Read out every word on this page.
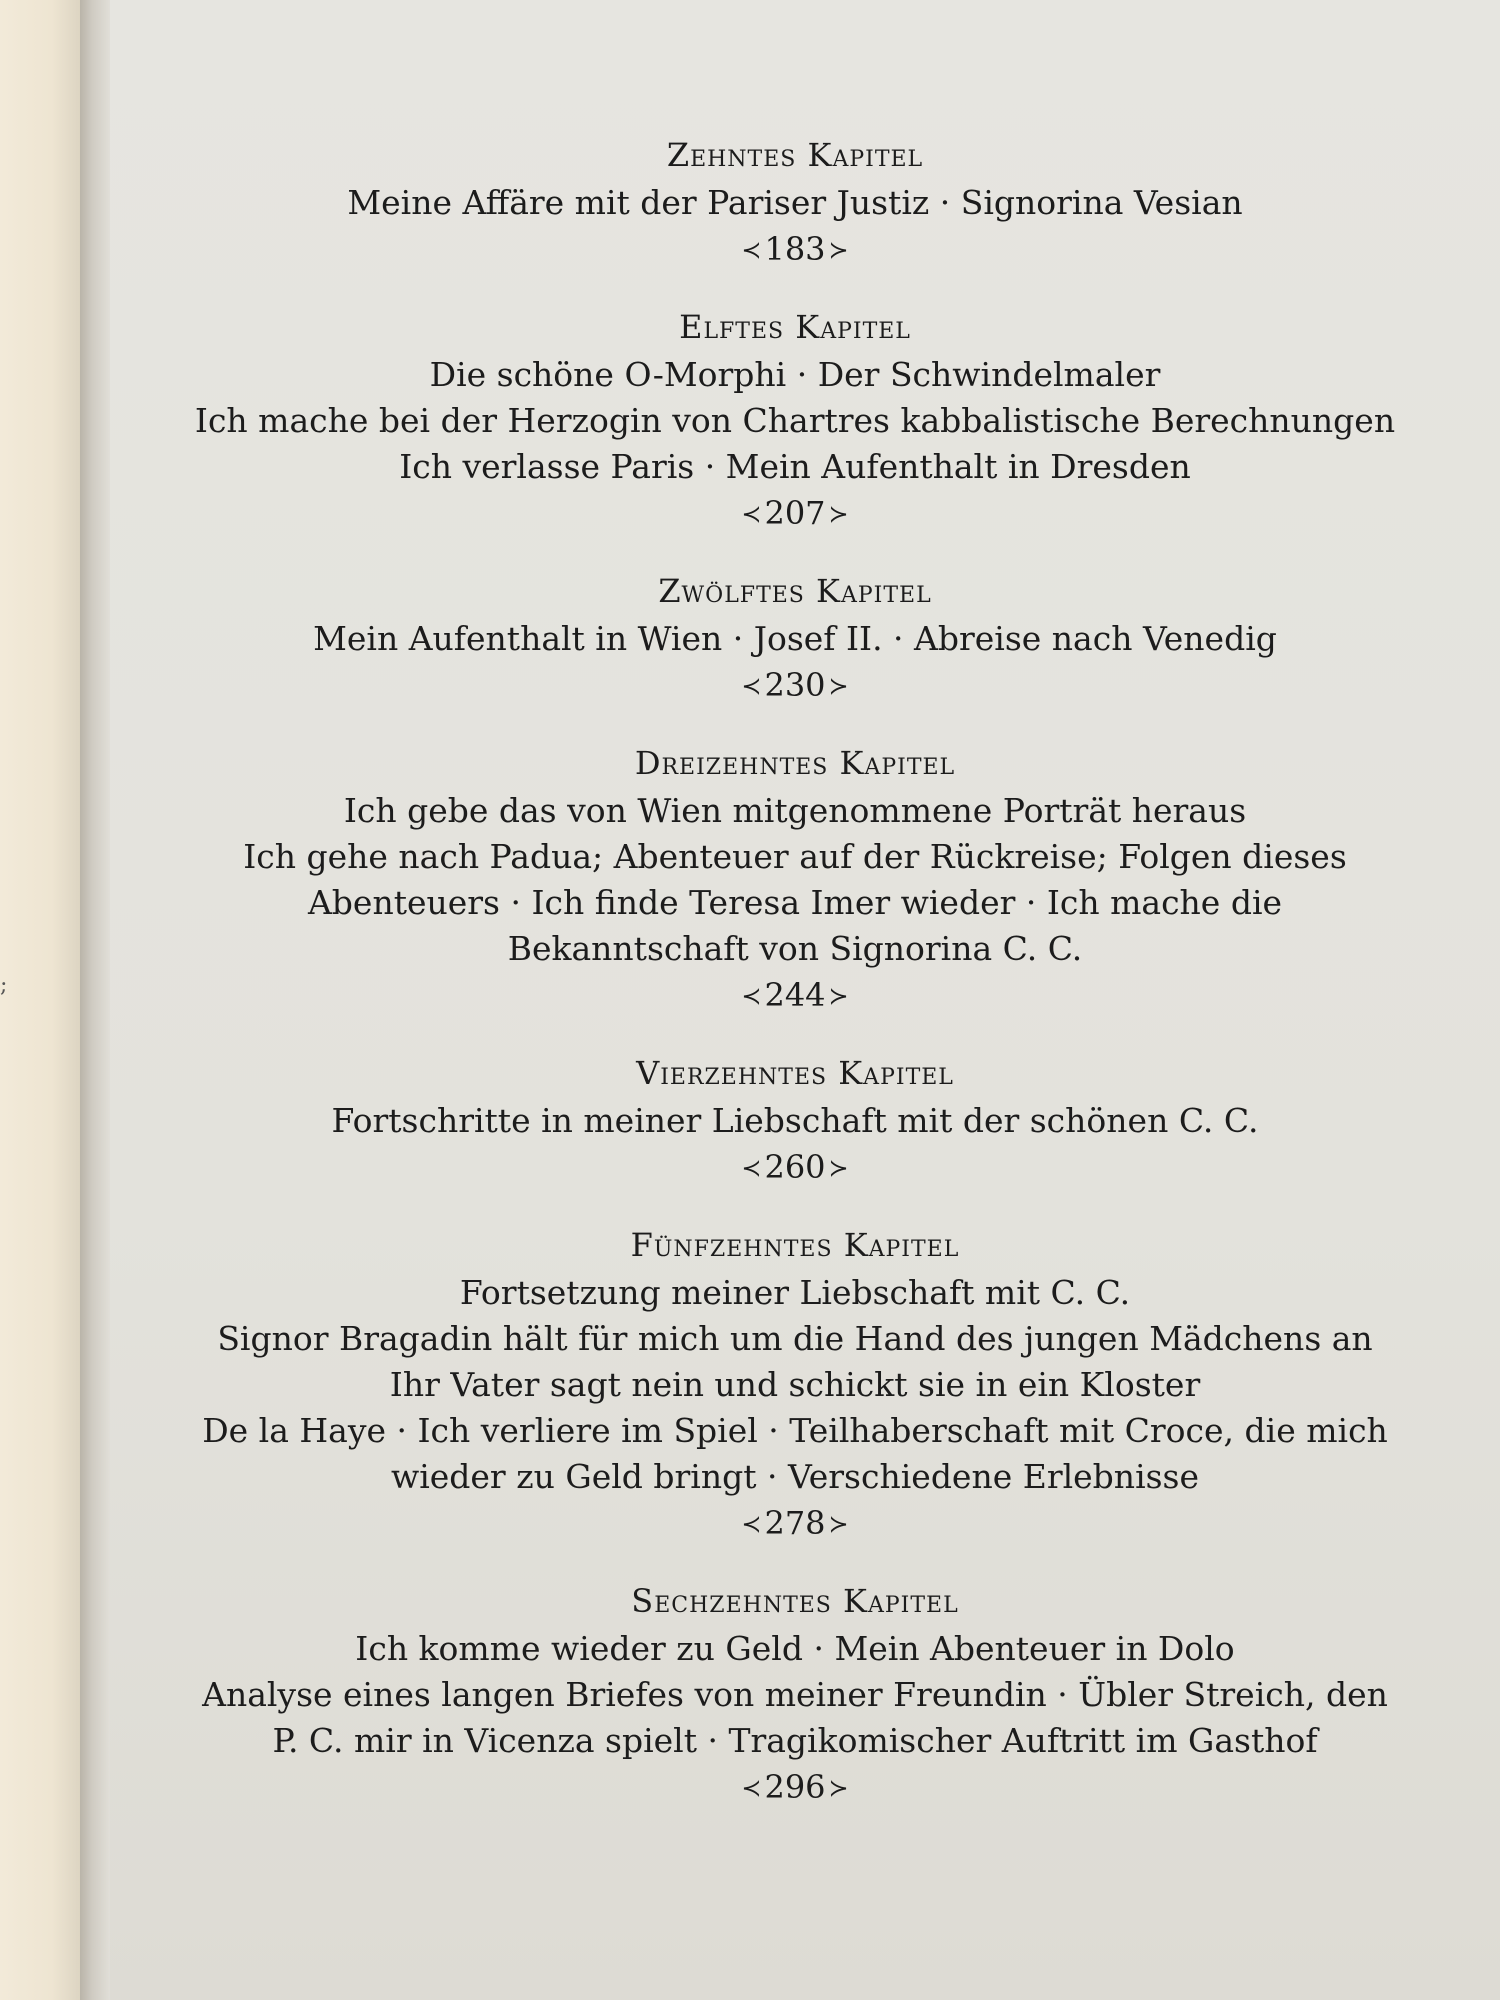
;
Zehntes Kapitel
Meine Affäre mit der Pariser Justiz · Signorina Vesian
≺183 ≻
Elftes Kapitel
Die schöne O-Morphi · Der Schwindelmaler
Ich mache bei der Herzogin von Chartres kabbalistische Berechnungen
Ich verlasse Paris · Mein Aufenthalt in Dresden
≺207 ≻
Zwölftes Kapitel
Mein Aufenthalt in Wien · Josef II. · Abreise nach Venedig
≺230 ≻
Dreizehntes Kapitel
Ich gebe das von Wien mitgenommene Porträt heraus
Ich gehe nach Padua; Abenteuer auf der Rückreise; Folgen dieses
Abenteuers · Ich finde Teresa Imer wieder · Ich mache die
Bekanntschaft von Signorina C. C.
≺244 ≻
Vierzehntes Kapitel
Fortschritte in meiner Liebschaft mit der schönen C. C.
≺260 ≻
Fünfzehntes Kapitel
Fortsetzung meiner Liebschaft mit C. C.
Signor Bragadin hält für mich um die Hand des jungen Mädchens an
Ihr Vater sagt nein und schickt sie in ein Kloster
De la Haye · Ich verliere im Spiel · Teilhaberschaft mit Croce, die mich
wieder zu Geld bringt · Verschiedene Erlebnisse
≺278 ≻
Sechzehntes Kapitel
Ich komme wieder zu Geld · Mein Abenteuer in Dolo
Analyse eines langen Briefes von meiner Freundin · Übler Streich, den
P. C. mir in Vicenza spielt · Tragikomischer Auftritt im Gasthof
≺296 ≻
